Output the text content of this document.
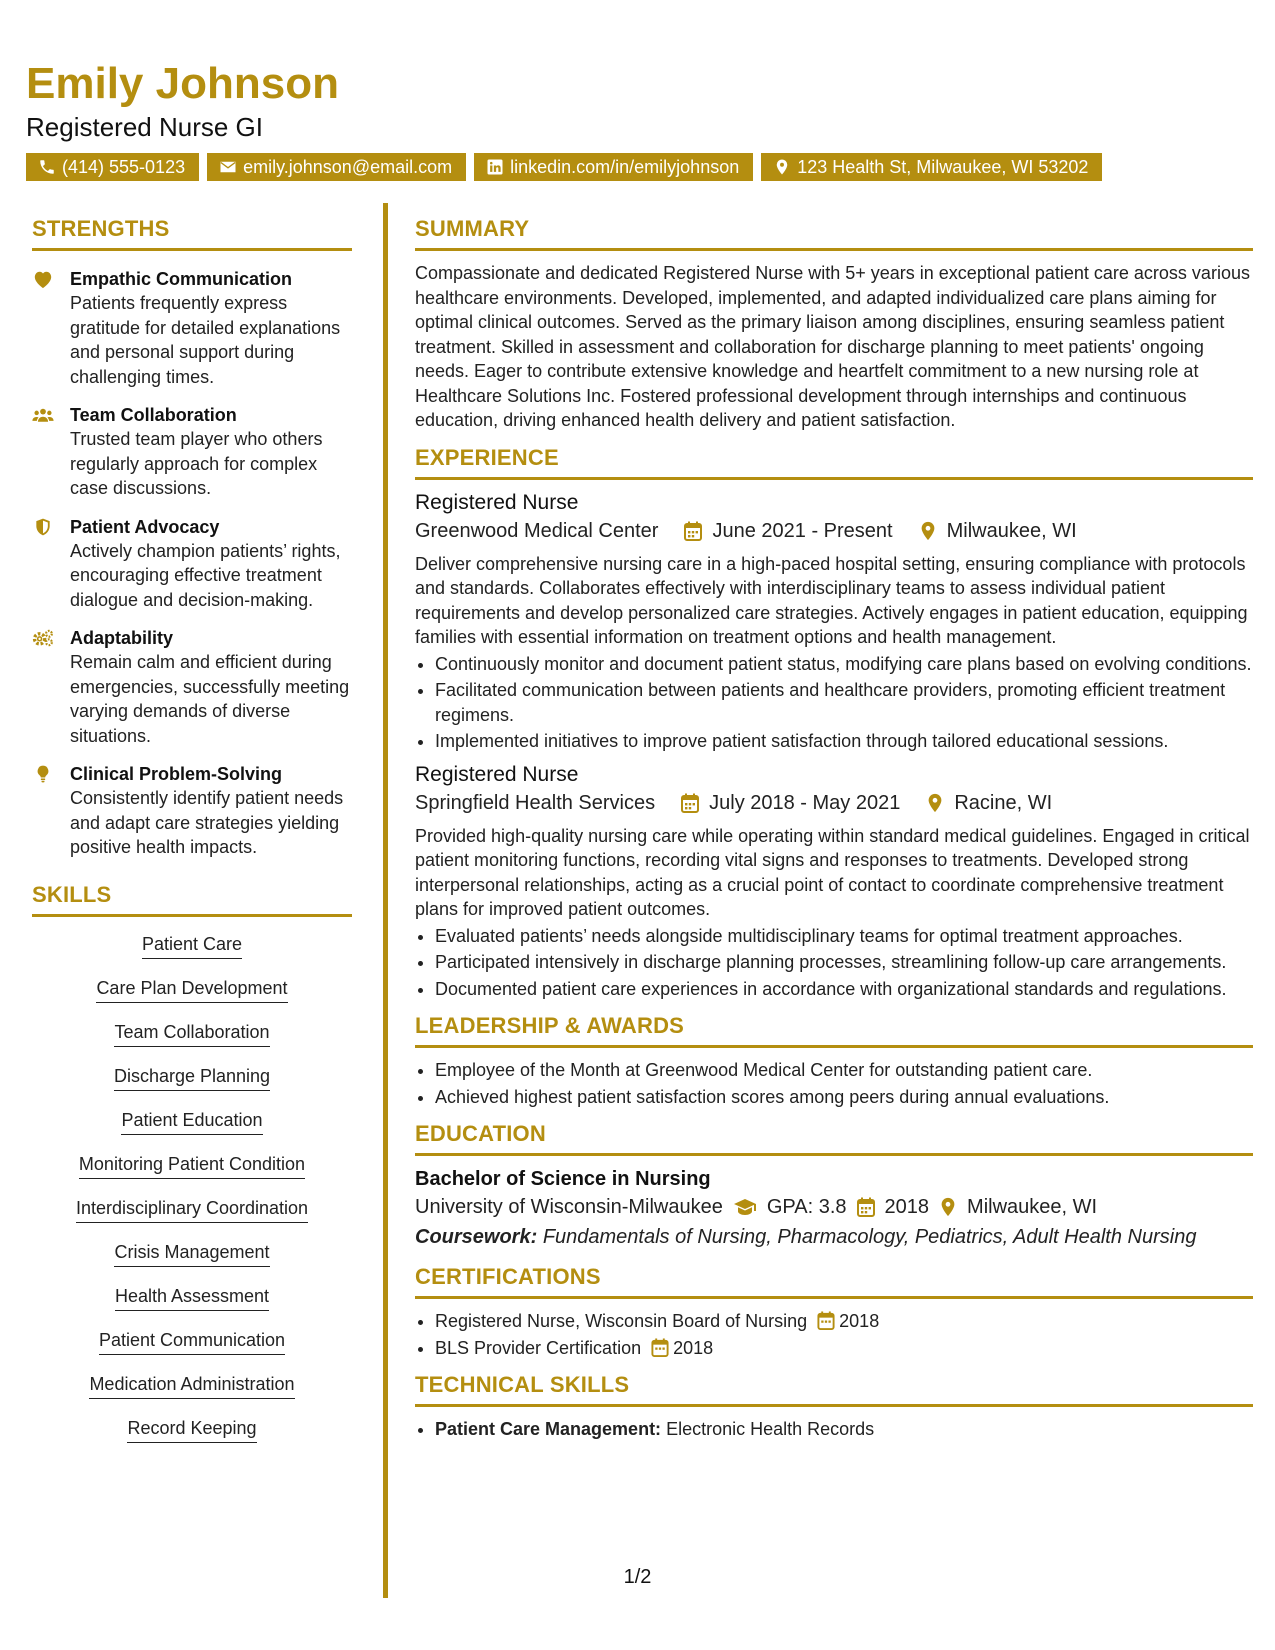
Emily Johnson
Registered Nurse GI
(414) 555-0123	emily.johnson@email.com	linkedin.com/in/emilyjohnson	123 Health St, Milwaukee, WI 53202
STRENGTHS
Empathic Communication
Patients frequently express gratitude for detailed explanations and personal support during challenging times.
Team Collaboration
Trusted team player who others regularly approach for complex case discussions.
Patient Advocacy
Actively champion patients’ rights, encouraging effective treatment dialogue and decision-making.
Adaptability
Remain calm and efficient during emergencies, successfully meeting varying demands of diverse situations.
Clinical Problem-Solving
Consistently identify patient needs and adapt care strategies yielding positive health impacts.
SKILLS
Patient Care
Care Plan Development
Team Collaboration
Discharge Planning
Patient Education
Monitoring Patient Condition
Interdisciplinary Coordination
Crisis Management
Health Assessment
Patient Communication
Medication Administration
Record Keeping
SUMMARY

Compassionate and dedicated Registered Nurse with 5+ years in exceptional patient care across various healthcare environments. Developed, implemented, and adapted individualized care plans aiming for optimal clinical outcomes. Served as the primary liaison among disciplines, ensuring seamless patient treatment. Skilled in assessment and collaboration for discharge planning to meet patients' ongoing needs. Eager to contribute extensive knowledge and heartfelt commitment to a new nursing role at Healthcare Solutions Inc. Fostered professional development through internships and continuous education, driving enhanced health delivery and patient satisfaction.

EXPERIENCE
Registered Nurse
Greenwood Medical Center	June 2021 - Present	Milwaukee, WI

Deliver comprehensive nursing care in a high-paced hospital setting, ensuring compliance with protocols and standards. Collaborates effectively with interdisciplinary teams to assess individual patient requirements and develop personalized care strategies. Actively engages in patient education, equipping families with essential information on treatment options and health management.

• Continuously monitor and document patient status, modifying care plans based on evolving conditions.
• Facilitated communication between patients and healthcare providers, promoting efficient treatment regimens.
• Implemented initiatives to improve patient satisfaction through tailored educational sessions.
Registered Nurse
Springfield Health Services	July 2018 - May 2021	Racine, WI

Provided high-quality nursing care while operating within standard medical guidelines. Engaged in critical patient monitoring functions, recording vital signs and responses to treatments. Developed strong interpersonal relationships, acting as a crucial point of contact to coordinate comprehensive treatment plans for improved patient outcomes.

• Evaluated patients’ needs alongside multidisciplinary teams for optimal treatment approaches.
• Participated intensively in discharge planning processes, streamlining follow-up care arrangements.
• Documented patient care experiences in accordance with organizational standards and regulations.
LEADERSHIP & AWARDS
• Employee of the Month at Greenwood Medical Center for outstanding patient care.
• Achieved highest patient satisfaction scores among peers during annual evaluations.
EDUCATION
Bachelor of Science in Nursing
University of Wisconsin-Milwaukee GPA: 3.8 2018 Milwaukee, WI
Coursework: Fundamentals of Nursing, Pharmacology, Pediatrics, Adult Health Nursing
CERTIFICATIONS
• Registered Nurse, Wisconsin Board of Nursing 2018
• BLS Provider Certification 2018
TECHNICAL SKILLS
• Patient Care Management: Electronic Health Records
1/2
